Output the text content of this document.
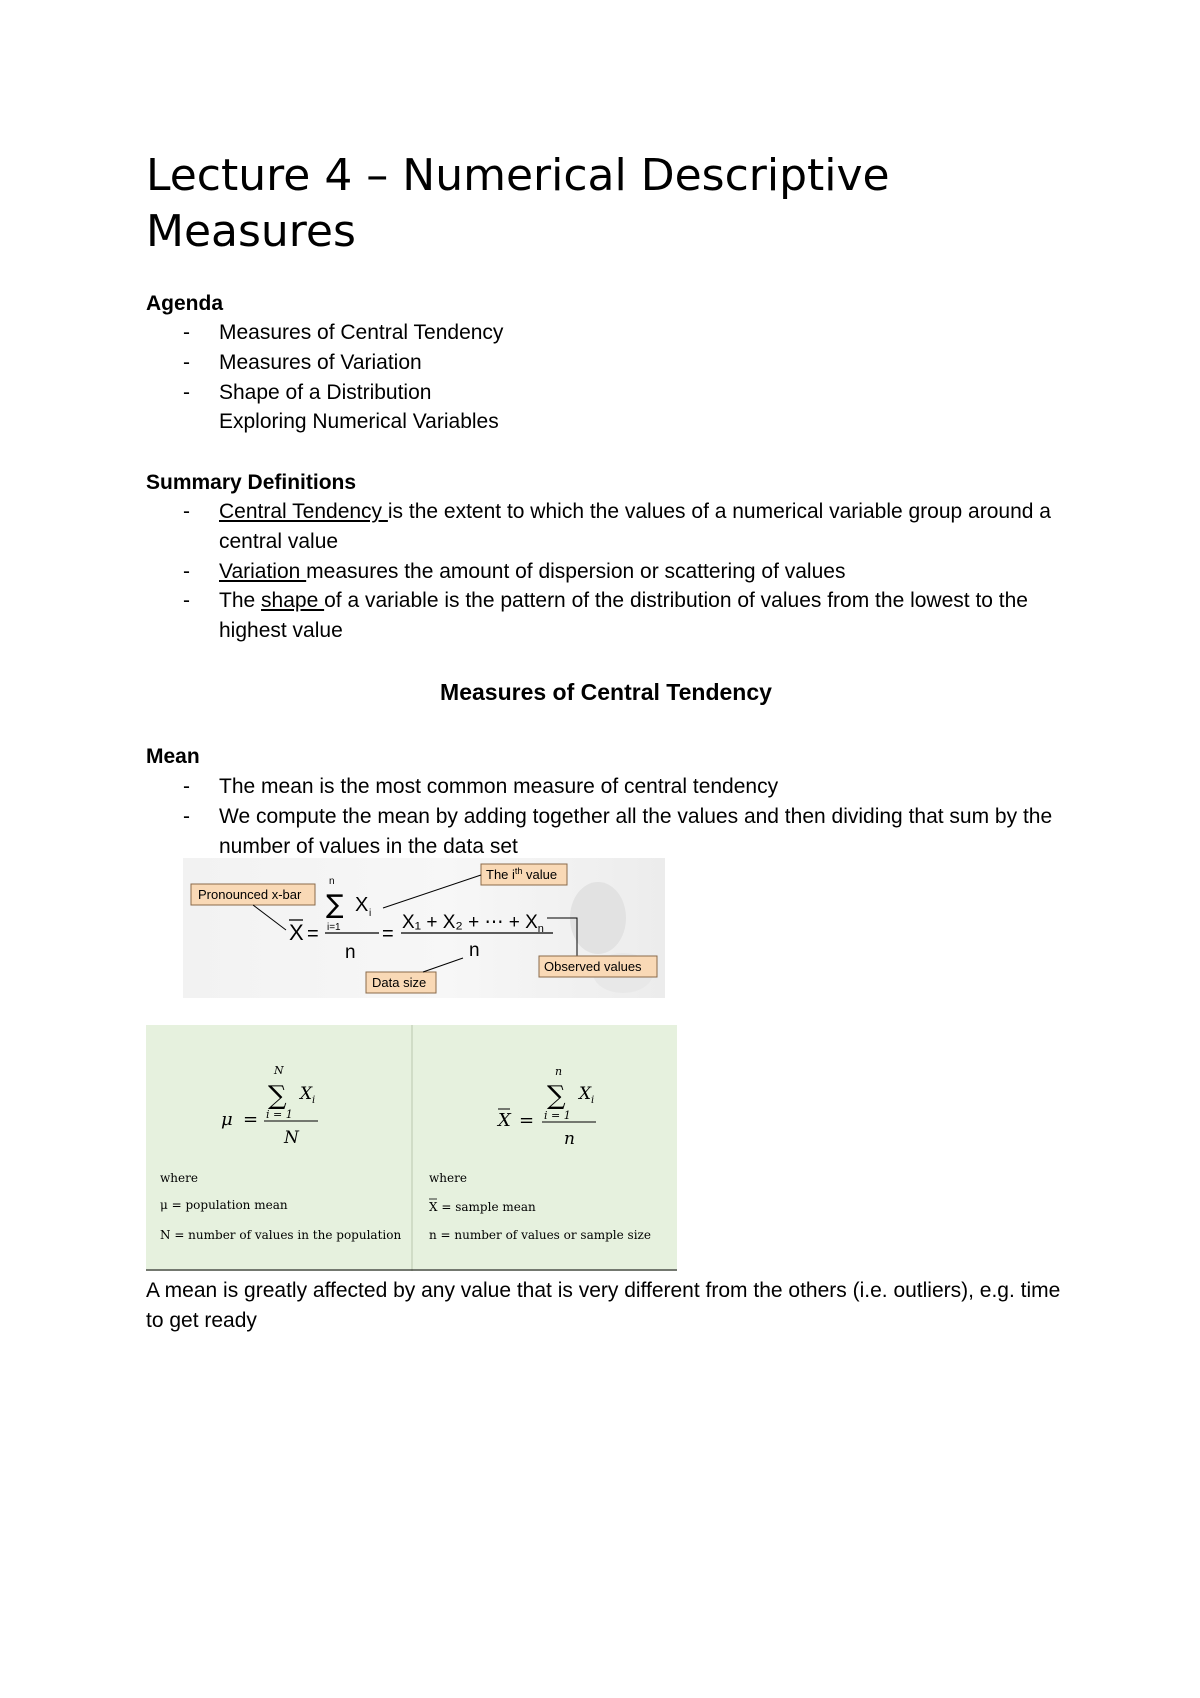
Lecture 4 – Numerical Descriptive Measures
Agenda
- Measures of Central Tendency
- Measures of Variation
- Shape of a Distribution
Exploring Numerical Variables
Summary Definitions
- Central Tendency is the extent to which the values of a numerical variable group around a central value
- Variation measures the amount of dispersion or scattering of values
- The shape of a variable is the pattern of the distribution of values from the lowest to the highest value
Measures of Central Tendency
Mean
- The mean is the most common measure of central tendency
- We compute the mean by adding together all the values and then dividing that sum by the number of values in the data set
Pronounced x-bar
The $i^{th}$ value
X =
n
∑ X i
i=1
n
=
X₁ + X₂ + ⋯ + $X_n$
n
Observed values
Data size
μ =
N
∑ X i
i = 1
N
where
μ = population mean
N = number of values in the population
X =
n
∑ X i
i = 1
n
where
X = sample mean
n = number of values or sample size
A mean is greatly affected by any value that is very different from the others (i.e. outliers), e.g. time to get ready
